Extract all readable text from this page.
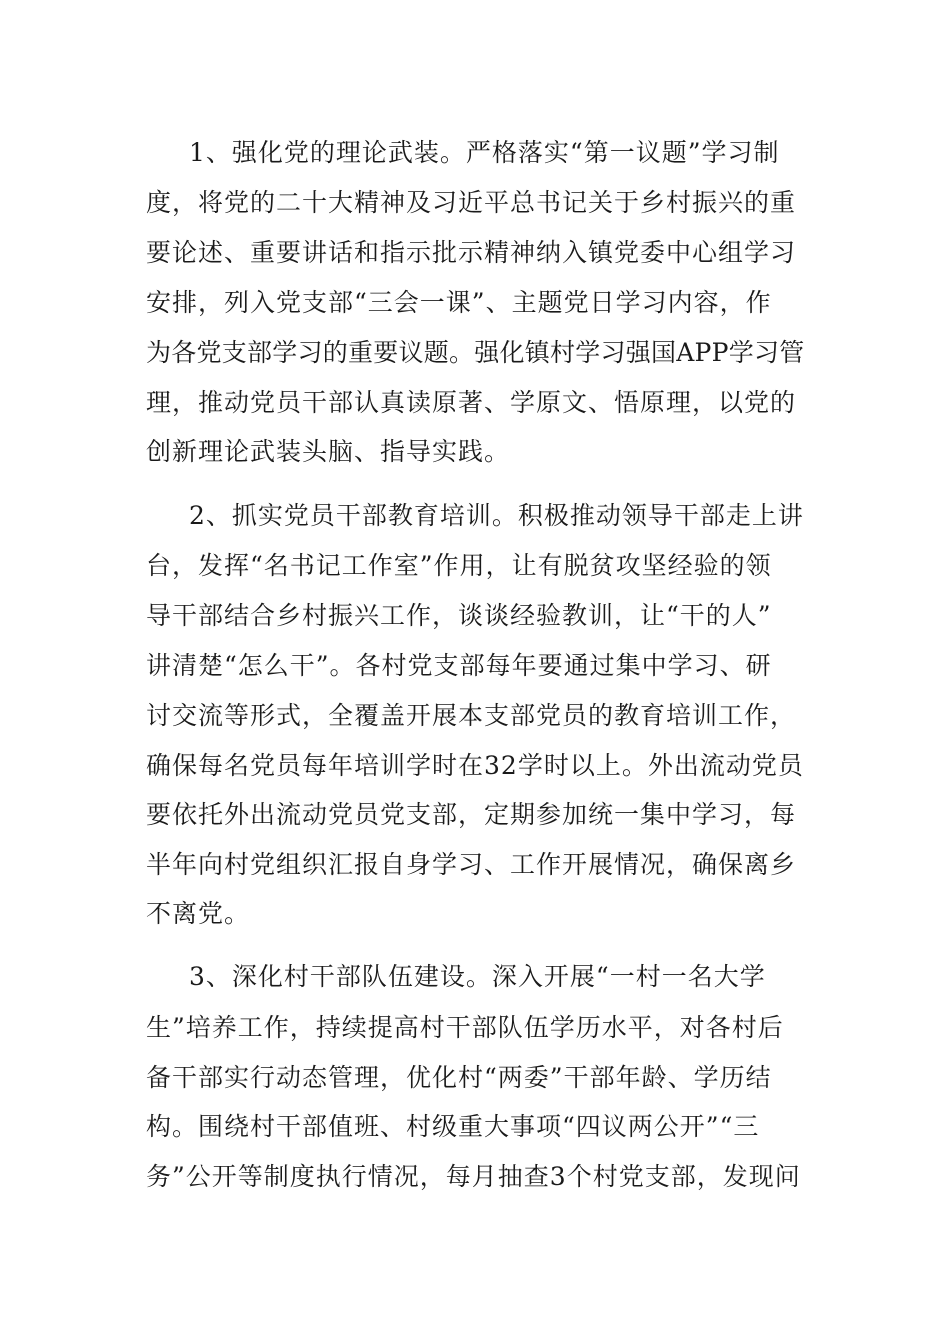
1、强化党的理论武装。严格落实“第一议题”学习制
度，将党的二十大精神及习近平总书记关于乡村振兴的重
要论述、重要讲话和指示批示精神纳入镇党委中心组学习
安排，列入党支部“三会一课”、主题党日学习内容，作
为各党支部学习的重要议题。强化镇村学习强国APP学习管
理，推动党员干部认真读原著、学原文、悟原理，以党的
创新理论武装头脑、指导实践。
2、抓实党员干部教育培训。积极推动领导干部走上讲
台，发挥“名书记工作室”作用，让有脱贫攻坚经验的领
导干部结合乡村振兴工作，谈谈经验教训，让“干的人”
讲清楚“怎么干”。各村党支部每年要通过集中学习、研
讨交流等形式，全覆盖开展本支部党员的教育培训工作，
确保每名党员每年培训学时在32学时以上。外出流动党员
要依托外出流动党员党支部，定期参加统一集中学习，每
半年向村党组织汇报自身学习、工作开展情况，确保离乡
不离党。
3、深化村干部队伍建设。深入开展“一村一名大学
生”培养工作，持续提高村干部队伍学历水平，对各村后
备干部实行动态管理，优化村“两委”干部年龄、学历结
构。围绕村干部值班、村级重大事项“四议两公开”“三
务”公开等制度执行情况，每月抽查3个村党支部，发现问
